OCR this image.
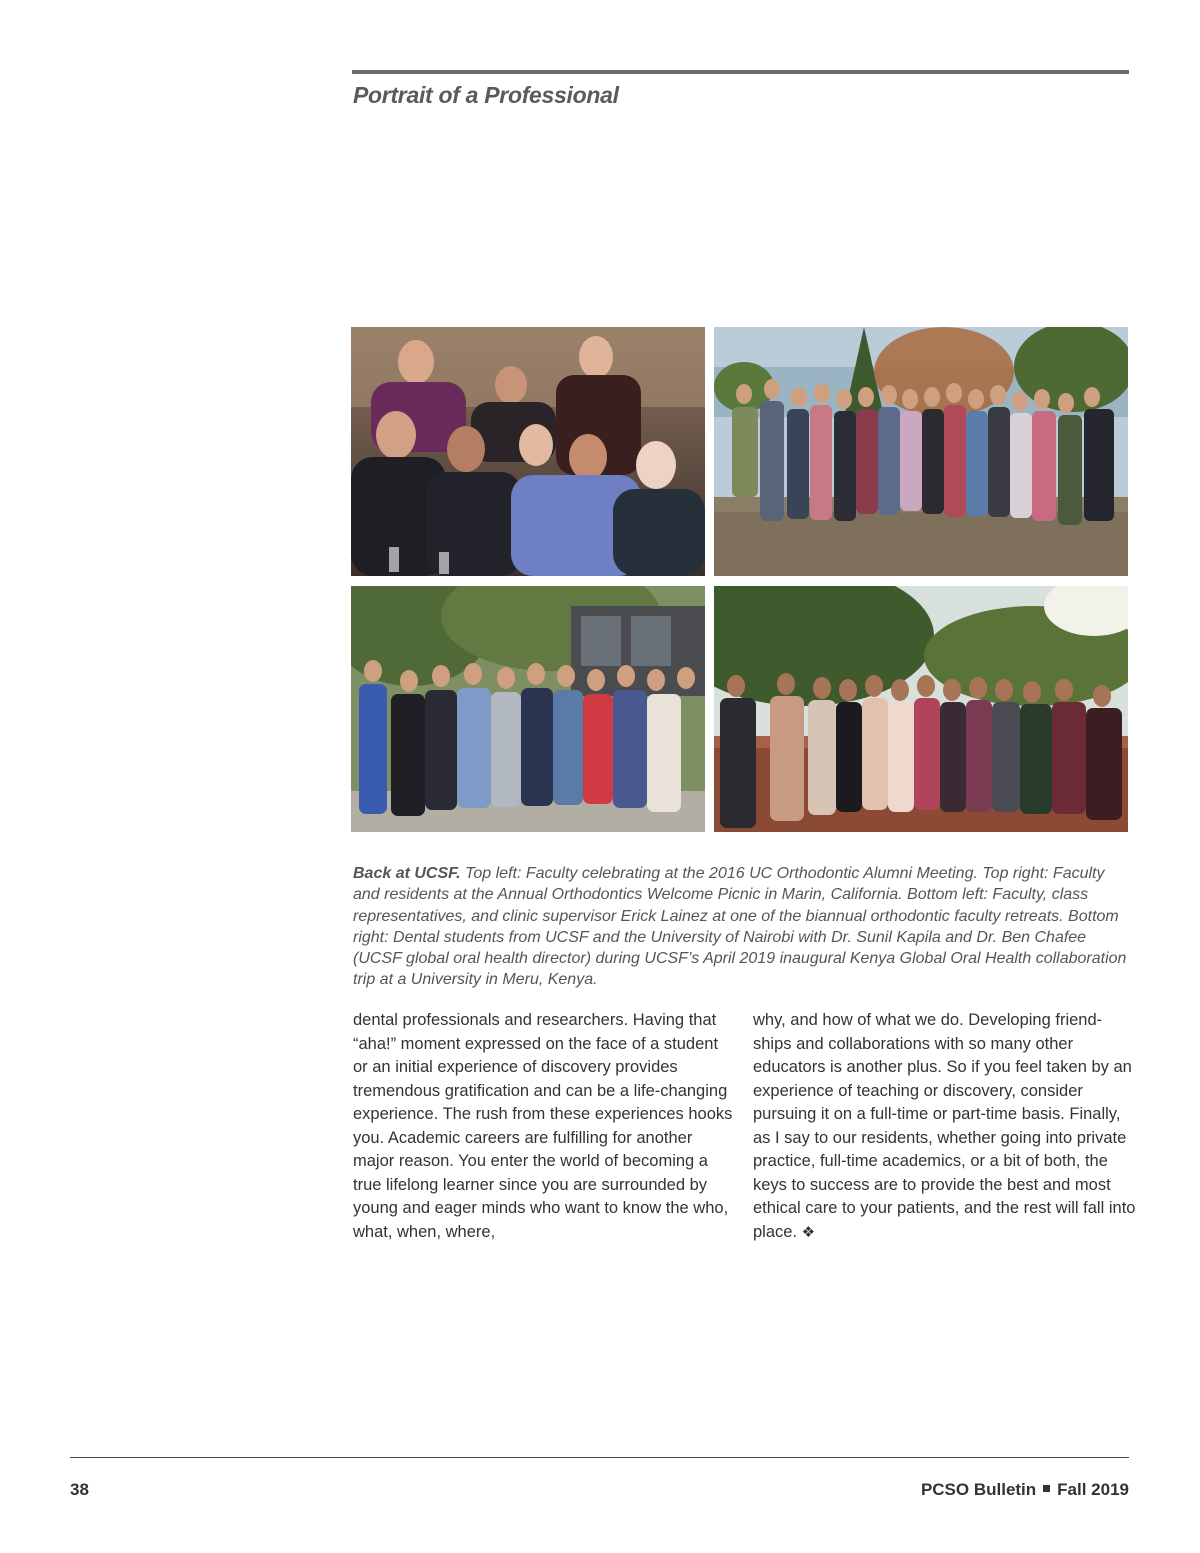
Portrait of a Professional

Back at UCSF. Top left: Faculty celebrating at the 2016 UC Orthodontic Alumni Meeting. Top right: Faculty and residents at the Annual Orthodontics Welcome Picnic in Marin, California. Bottom left: Faculty, class representatives, and clinic supervisor Erick Lainez at one of the biannual orthodontic faculty retreats. Bottom right: Dental students from UCSF and the University of Nairobi with Dr. Sunil Kapila and Dr. Ben Chafee (UCSF global oral health director) during UCSF’s April 2019 inaugural Kenya Global Oral Health collaboration trip at a University in Meru, Kenya.

dental professionals and researchers. Having that “aha!” moment expressed on the face of a student or an initial experience of discovery provides tremendous gratification and can be a life-changing experience. The rush from these experiences hooks you. Academic careers are fulfilling for another major reason. You enter the world of becoming a true lifelong learner since you are surrounded by young and eager minds who want to know the who, what, when, where,

why, and how of what we do. Developing friend-ships and collaborations with so many other educators is another plus. So if you feel taken by an experience of teaching or discovery, consider pursuing it on a full-time or part-time basis. Finally, as I say to our residents, whether going into private practice, full-time academics, or a bit of both, the keys to success are to provide the best and most ethical care to your patients, and the rest will fall into place. ❖

38	PCSO Bulletin Fall 2019
